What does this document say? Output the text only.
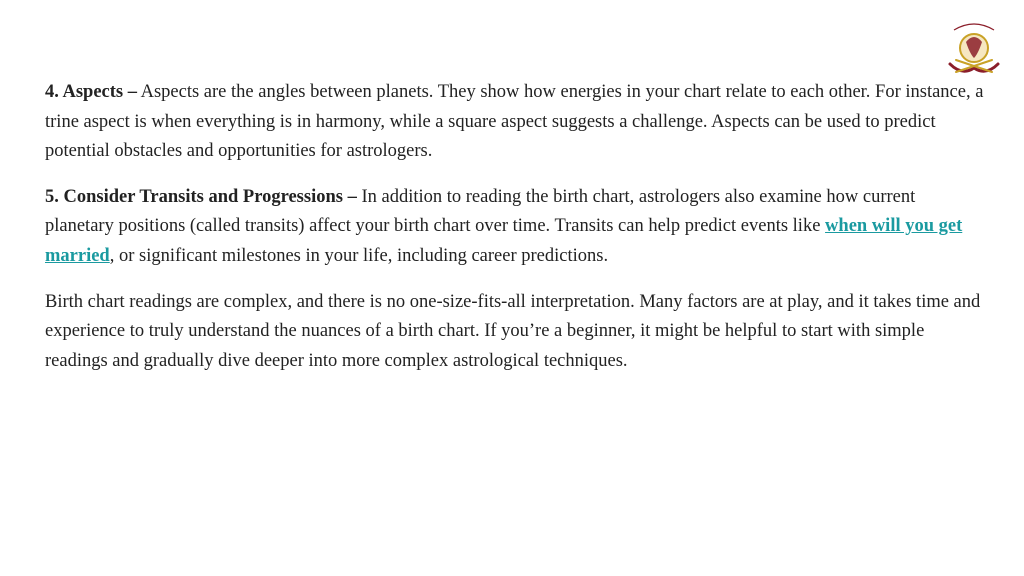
4. Aspects – Aspects are the angles between planets. They show how energies in your chart relate to each other. For instance, a trine aspect is when everything is in harmony, while a square aspect suggests a challenge. Aspects can be used to predict potential obstacles and opportunities for astrologers.

5. Consider Transits and Progressions – In addition to reading the birth chart, astrologers also examine how current planetary positions (called transits) affect your birth chart over time. Transits can help predict events like when will you get married, or significant milestones in your life, including career predictions.

Birth chart readings are complex, and there is no one-size-fits-all interpretation. Many factors are at play, and it takes time and experience to truly understand the nuances of a birth chart. If you’re a beginner, it might be helpful to start with simple readings and gradually dive deeper into more complex astrological techniques.
